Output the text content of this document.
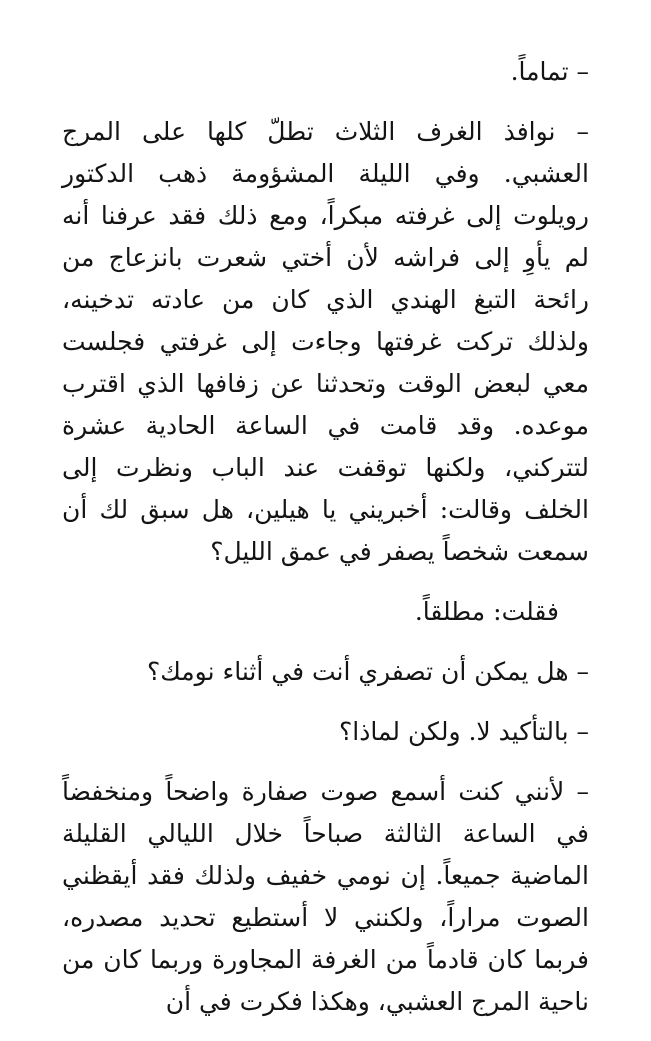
– تماماً.

– نوافذ الغرف الثلاث تطلّ كلها على المرج العشبي. وفي الليلة المشؤومة ذهب الدكتور رويلوت إلى غرفته مبكراً، ومع ذلك فقد عرفنا أنه لم يأوِ إلى فراشه لأن أختي شعرت بانزعاج من رائحة التبغ الهندي الذي كان من عادته تدخينه، ولذلك تركت غرفتها وجاءت إلى غرفتي فجلست معي لبعض الوقت وتحدثنا عن زفافها الذي اقترب موعده. وقد قامت في الساعة الحادية عشرة لتتركني، ولكنها توقفت عند الباب ونظرت إلى الخلف وقالت: أخبريني يا هيلين، هل سبق لك أن سمعت شخصاً يصفر في عمق الليل؟

فقلت: مطلقاً.

– هل يمكن أن تصفري أنت في أثناء نومك؟

– بالتأكيد لا. ولكن لماذا؟

– لأنني كنت أسمع صوت صفارة واضحاً ومنخفضاً في الساعة الثالثة صباحاً خلال الليالي القليلة الماضية جميعاً. إن نومي خفيف ولذلك فقد أيقظني الصوت مراراً، ولكنني لا أستطيع تحديد مصدره، فربما كان قادماً من الغرفة المجاورة وربما كان من ناحية المرج العشبي، وهكذا فكرت في أن
